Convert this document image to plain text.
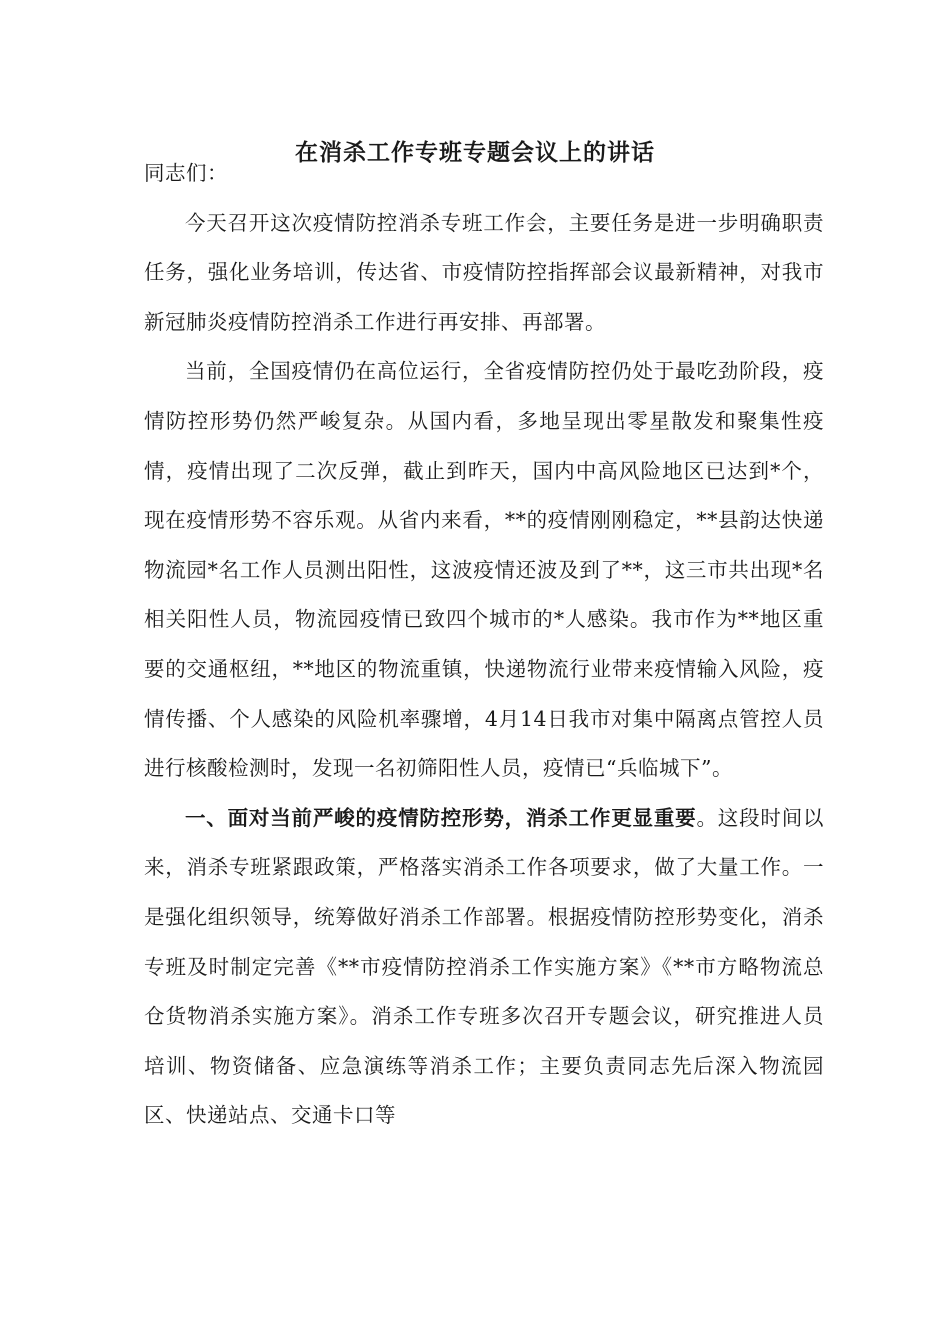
在消杀工作专班专题会议上的讲话

同志们：

今天召开这次疫情防控消杀专班工作会，主要任务是进一步明确职责任务，强化业务培训，传达省、市疫情防控指挥部会议最新精神，对我市新冠肺炎疫情防控消杀工作进行再安排、再部署。

当前，全国疫情仍在高位运行，全省疫情防控仍处于最吃劲阶段，疫情防控形势仍然严峻复杂。从国内看，多地呈现出零星散发和聚集性疫情，疫情出现了二次反弹，截止到昨天，国内中高风险地区已达到*个，现在疫情形势不容乐观。从省内来看，**的疫情刚刚稳定，**县韵达快递物流园*名工作人员测出阳性，这波疫情还波及到了**，这三市共出现*名相关阳性人员，物流园疫情已致四个城市的*人感染。我市作为**地区重要的交通枢纽，**地区的物流重镇，快递物流行业带来疫情输入风险，疫情传播、个人感染的风险机率骤增，4月14日我市对集中隔离点管控人员进行核酸检测时，发现一名初筛阳性人员，疫情已“兵临城下”。

一、面对当前严峻的疫情防控形势，消杀工作更显重要。这段时间以来，消杀专班紧跟政策，严格落实消杀工作各项要求，做了大量工作。一是强化组织领导，统筹做好消杀工作部署。根据疫情防控形势变化，消杀专班及时制定完善《**市疫情防控消杀工作实施方案》《**市方略物流总仓货物消杀实施方案》。消杀工作专班多次召开专题会议，研究推进人员培训、物资储备、应急演练等消杀工作；主要负责同志先后深入物流园区、快递站点、交通卡口等
